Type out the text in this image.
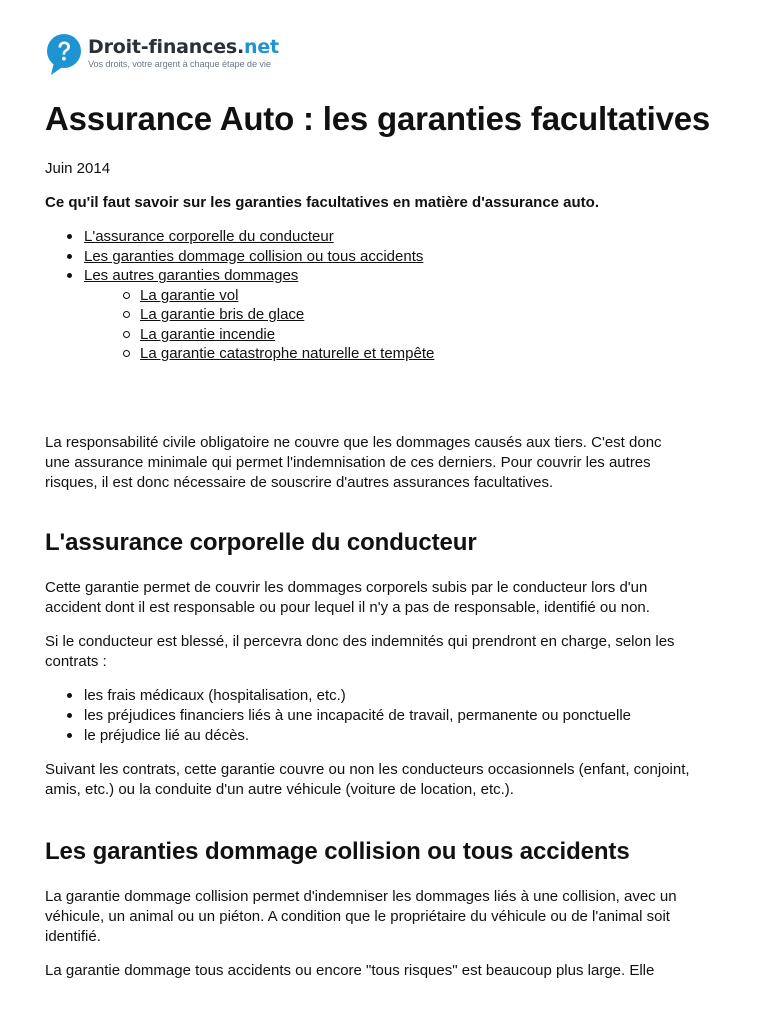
Droit-finances.net
Vos droits, votre argent à chaque étape de vie
Assurance Auto : les garanties facultatives
Juin 2014
Ce qu'il faut savoir sur les garanties facultatives en matière d'assurance auto.
L'assurance corporelle du conducteur
Les garanties dommage collision ou tous accidents
Les autres garanties dommages
La garantie vol
La garantie bris de glace
La garantie incendie
La garantie catastrophe naturelle et tempête

La responsabilité civile obligatoire ne couvre que les dommages causés aux tiers. C'est donc
une assurance minimale qui permet l'indemnisation de ces derniers. Pour couvrir les autres
risques, il est donc nécessaire de souscrire d'autres assurances facultatives.

L'assurance corporelle du conducteur

Cette garantie permet de couvrir les dommages corporels subis par le conducteur lors d'un
accident dont il est responsable ou pour lequel il n'y a pas de responsable, identifié ou non.

Si le conducteur est blessé, il percevra donc des indemnités qui prendront en charge, selon les
contrats :

les frais médicaux (hospitalisation, etc.)
les préjudices financiers liés à une incapacité de travail, permanente ou ponctuelle
le préjudice lié au décès.

Suivant les contrats, cette garantie couvre ou non les conducteurs occasionnels (enfant, conjoint,
amis, etc.) ou la conduite d'un autre véhicule (voiture de location, etc.).

Les garanties dommage collision ou tous accidents

La garantie dommage collision permet d'indemniser les dommages liés à une collision, avec un
véhicule, un animal ou un piéton. A condition que le propriétaire du véhicule ou de l'animal soit
identifié.

La garantie dommage tous accidents ou encore "tous risques" est beaucoup plus large. Elle
